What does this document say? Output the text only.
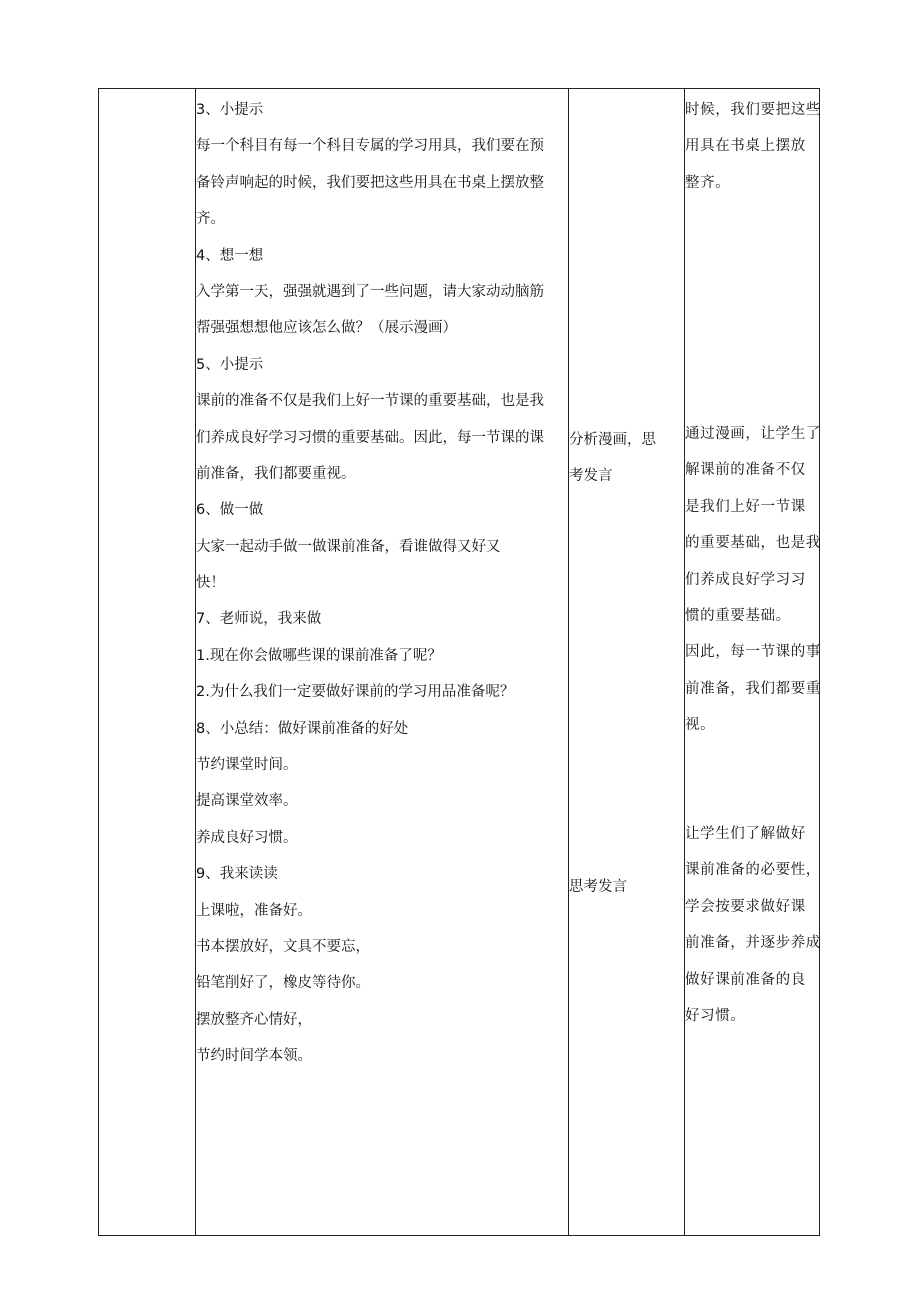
3、小提示
每一个科目有每一个科目专属的学习用具，我们要在预
备铃声响起的时候，我们要把这些用具在书桌上摆放整
齐。
4、想一想
入学第一天，强强就遇到了一些问题，请大家动动脑筋
帮强强想想他应该怎么做？（展示漫画）
5、小提示
课前的准备不仅是我们上好一节课的重要基础，也是我
们养成良好学习习惯的重要基础。因此，每一节课的课
前准备，我们都要重视。
6、做一做
大家一起动手做一做课前准备，看谁做得又好又
快！
7、老师说，我来做
1.现在你会做哪些课的课前准备了呢？
2.为什么我们一定要做好课前的学习用品准备呢？
8、小总结：做好课前准备的好处
节约课堂时间。
提高课堂效率。
养成良好习惯。
9、我来读读
上课啦，准备好。
书本摆放好，文具不要忘，
铅笔削好了，橡皮等待你。
摆放整齐心情好，
节约时间学本领。
分析漫画，思
考发言
思考发言
时候，我们要把这些
用具在书桌上摆放
整齐。
通过漫画，让学生了
解课前的准备不仅
是我们上好一节课
的重要基础，也是我
们养成良好学习习
惯的重要基础。
因此，每一节课的事
前准备，我们都要重
视。
让学生们了解做好
课前准备的必要性，
学会按要求做好课
前准备，并逐步养成
做好课前准备的良
好习惯。
